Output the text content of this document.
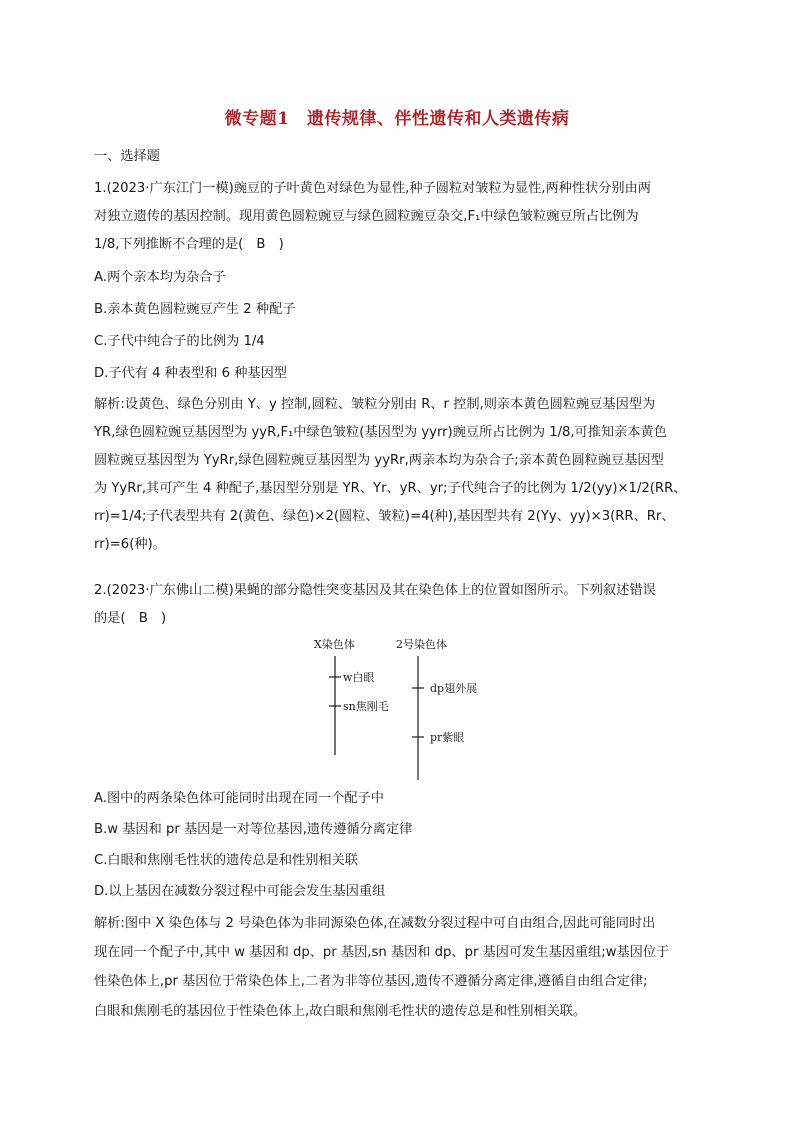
微专题1　遗传规律、伴性遗传和人类遗传病
一、选择题
1.(2023·广东江门一模)豌豆的子叶黄色对绿色为显性,种子圆粒对皱粒为显性,两种性状分别由两
对独立遗传的基因控制。现用黄色圆粒豌豆与绿色圆粒豌豆杂交,F₁中绿色皱粒豌豆所占比例为
1/8,下列推断不合理的是(　B　)
A.两个亲本均为杂合子
B.亲本黄色圆粒豌豆产生 2 种配子
C.子代中纯合子的比例为 1/4
D.子代有 4 种表型和 6 种基因型
解析:设黄色、绿色分别由 Y、y 控制,圆粒、皱粒分别由 R、r 控制,则亲本黄色圆粒豌豆基因型为
YR,绿色圆粒豌豆基因型为 yyR,F₁中绿色皱粒(基因型为 yyrr)豌豆所占比例为 1/8,可推知亲本黄色
圆粒豌豆基因型为 YyRr,绿色圆粒豌豆基因型为 yyRr,两亲本均为杂合子;亲本黄色圆粒豌豆基因型
为 YyRr,其可产生 4 种配子,基因型分别是 YR、Yr、yR、yr;子代纯合子的比例为 1/2(yy)×1/2(RR、
rr)=1/4;子代表型共有 2(黄色、绿色)×2(圆粒、皱粒)=4(种),基因型共有 2(Yy、yy)×3(RR、Rr、
rr)=6(种)。
2.(2023·广东佛山二模)果蝇的部分隐性突变基因及其在染色体上的位置如图所示。下列叙述错误
的是(　B　)
X染色体	2号染色体
w白眼
sn焦刚毛
dp翅外展
pr紫眼
A.图中的两条染色体可能同时出现在同一个配子中
B.w 基因和 pr 基因是一对等位基因,遗传遵循分离定律
C.白眼和焦刚毛性状的遗传总是和性别相关联
D.以上基因在减数分裂过程中可能会发生基因重组
解析:图中 X 染色体与 2 号染色体为非同源染色体,在减数分裂过程中可自由组合,因此可能同时出
现在同一个配子中,其中 w 基因和 dp、pr 基因,sn 基因和 dp、pr 基因可发生基因重组;w基因位于
性染色体上,pr 基因位于常染色体上,二者为非等位基因,遗传不遵循分离定律,遵循自由组合定律;
白眼和焦刚毛的基因位于性染色体上,故白眼和焦刚毛性状的遗传总是和性别相关联。
